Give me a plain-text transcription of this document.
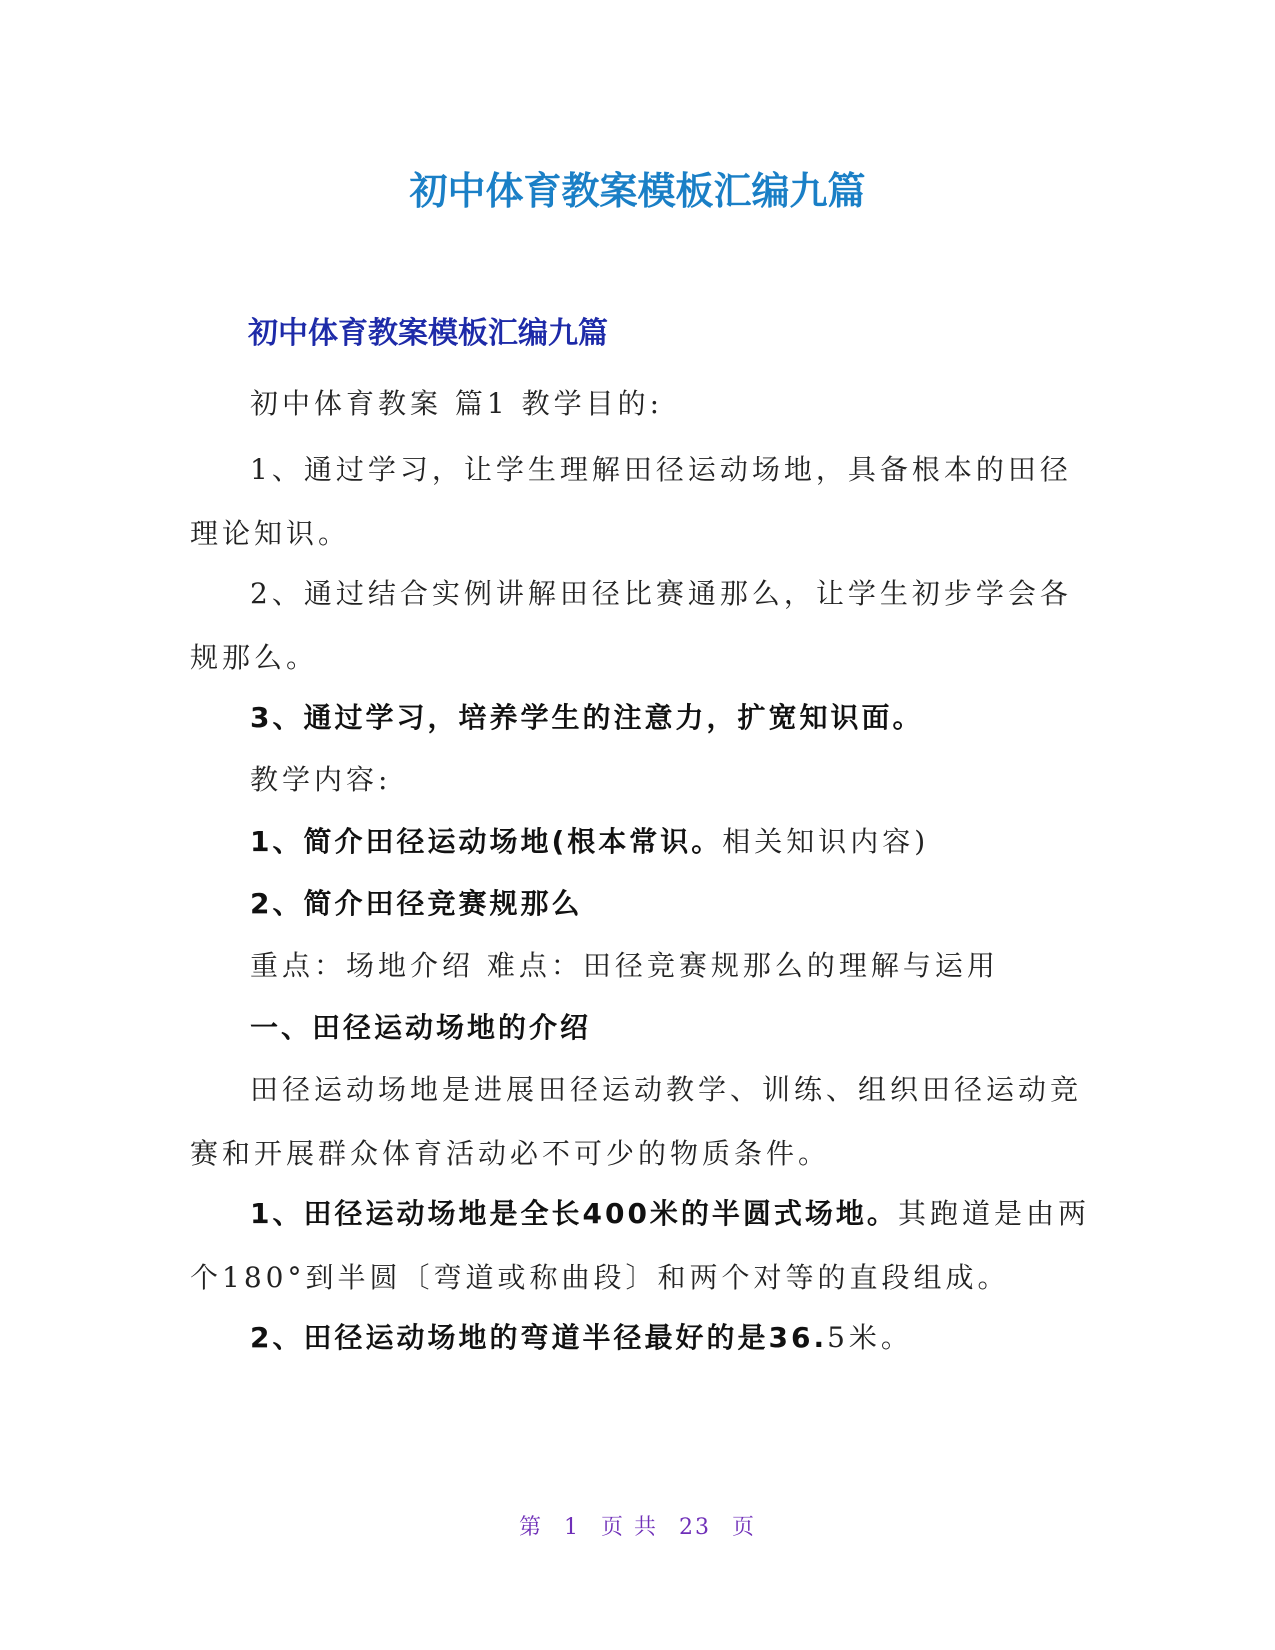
初中体育教案模板汇编九篇
初中体育教案模板汇编九篇

初中体育教案 篇1 教学目的:

1、通过学习，让学生理解田径运动场地，具备根本的田径理论知识。

2、通过结合实例讲解田径比赛通那么，让学生初步学会各规那么。

3、通过学习，培养学生的注意力，扩宽知识面。

教学内容:

1、简介田径运动场地(根本常识。相关知识内容)

2、简介田径竞赛规那么

重点：场地介绍 难点：田径竞赛规那么的理解与运用

一、田径运动场地的介绍

田径运动场地是进展田径运动教学、训练、组织田径运动竞赛和开展群众体育活动必不可少的物质条件。

1、田径运动场地是全长400米的半圆式场地。其跑道是由两个180°到半圆〔弯道或称曲段〕和两个对等的直段组成。

2、田径运动场地的弯道半径最好的是36.5米。

第 1 页 共 23 页
